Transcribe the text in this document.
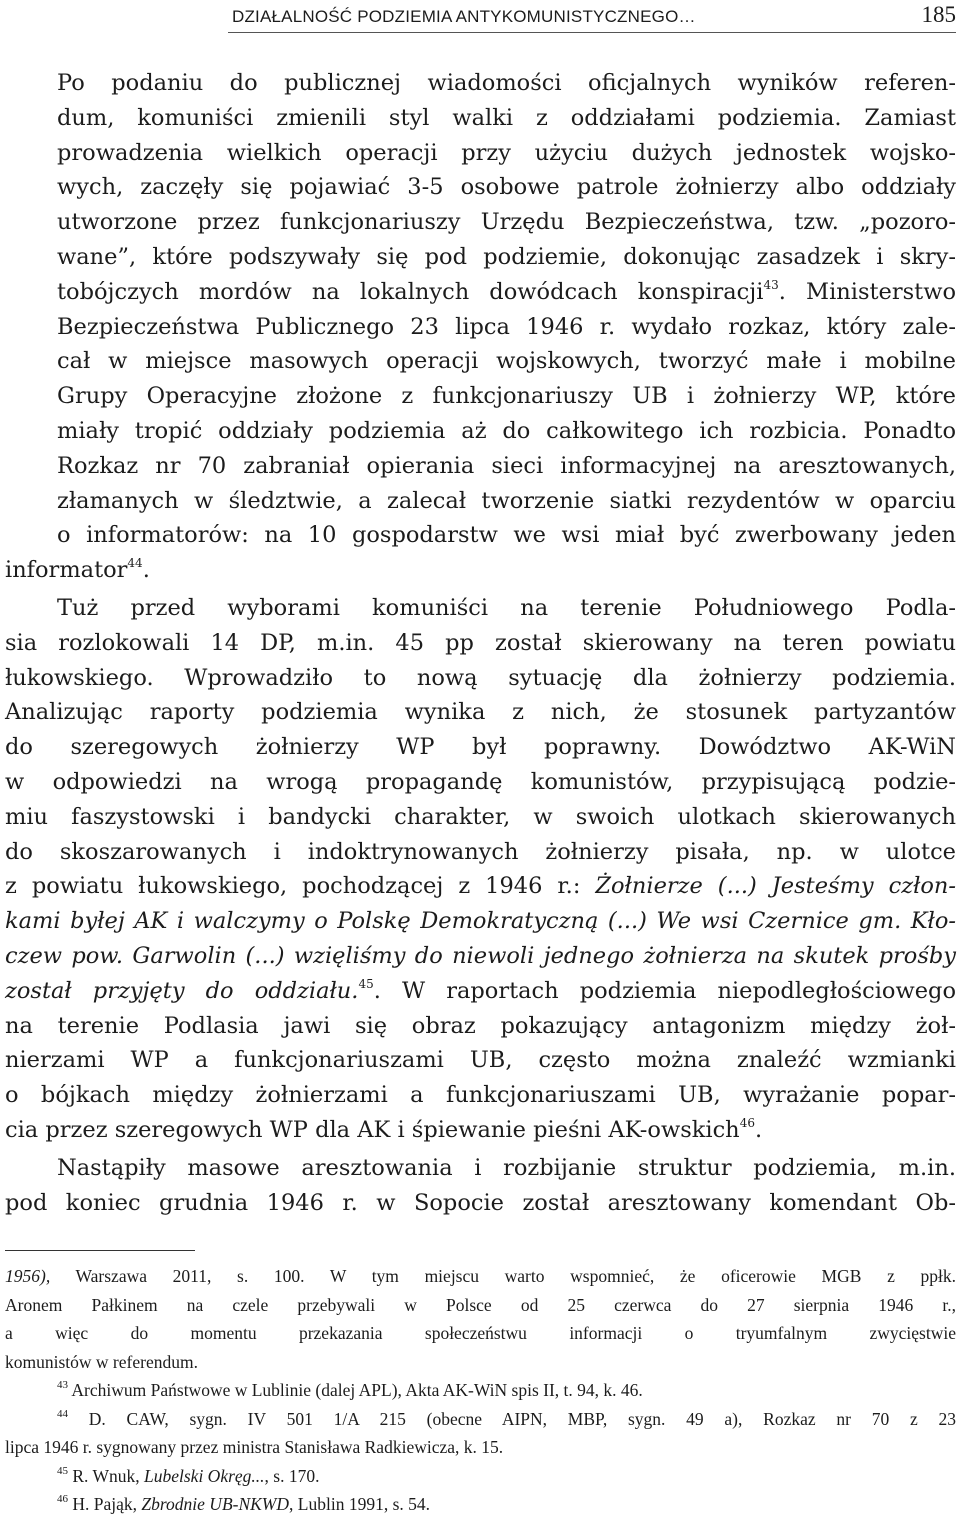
DZIAŁALNOŚĆ PODZIEMIA ANTYKOMUNISTYCZNEGO…	185

Po podaniu do publicznej wiadomości oficjalnych wyników referen-
dum, komuniści zmienili styl walki z oddziałami podziemia. Zamiast
prowadzenia wielkich operacji przy użyciu dużych jednostek wojsko-
wych, zaczęły się pojawiać 3-5 osobowe patrole żołnierzy albo oddziały
utworzone przez funkcjonariuszy Urzędu Bezpieczeństwa, tzw. „pozoro-
wane”, które podszywały się pod podziemie, dokonując zasadzek i skry-
tobójczych mordów na lokalnych dowódcach konspiracji$^{43}$. Ministerstwo
Bezpieczeństwa Publicznego 23 lipca 1946 r. wydało rozkaz, który zale-
cał w miejsce masowych operacji wojskowych, tworzyć małe i mobilne
Grupy Operacyjne złożone z funkcjonariuszy UB i żołnierzy WP, które
miały tropić oddziały podziemia aż do całkowitego ich rozbicia. Ponadto
Rozkaz nr 70 zabraniał opierania sieci informacyjnej na aresztowanych,
złamanych w śledztwie, a zalecał tworzenie siatki rezydentów w oparciu
o informatorów: na 10 gospodarstw we wsi miał być zwerbowany jeden
informator$^{44}$.

Tuż przed wyborami komuniści na terenie Południowego Podla-
sia rozlokowali 14 DP, m.in. 45 pp został skierowany na teren powiatu
łukowskiego. Wprowadziło to nową sytuację dla żołnierzy podziemia.
Analizując raporty podziemia wynika z nich, że stosunek partyzantów
do szeregowych żołnierzy WP był poprawny. Dowództwo AK-WiN
w odpowiedzi na wrogą propagandę komunistów, przypisującą podzie-
miu faszystowski i bandycki charakter, w swoich ulotkach skierowanych
do skoszarowanych i indoktrynowanych żołnierzy pisała, np. w ulotce
z powiatu łukowskiego, pochodzącej z 1946 r.: Żołnierze (...) Jesteśmy człon-
kami byłej AK i walczymy o Polskę Demokratyczną (...) We wsi Czernice gm. Kło-
czew pow. Garwolin (...) wzięliśmy do niewoli jednego żołnierza na skutek prośby
został przyjęty do oddziału.$^{45}$. W raportach podziemia niepodległościowego
na terenie Podlasia jawi się obraz pokazujący antagonizm między żoł-
nierzami WP a funkcjonariuszami UB, często można znaleźć wzmianki
o bójkach między żołnierzami a funkcjonariuszami UB, wyrażanie popar-
cia przez szeregowych WP dla AK i śpiewanie pieśni AK-owskich$^{46}$.

Nastąpiły masowe aresztowania i rozbijanie struktur podziemia, m.in.
pod koniec grudnia 1946 r. w Sopocie został aresztowany komendant Ob-

1956), Warszawa 2011, s. 100. W tym miejscu warto wspomnieć, że oficerowie MGB z ppłk.
Aronem Pałkinem na czele przebywali w Polsce od 25 czerwca do 27 sierpnia 1946 r.,
a więc do momentu przekazania społeczeństwu informacji o tryumfalnym zwycięstwie
komunistów w referendum.

$^{43}$ Archiwum Państwowe w Lublinie (dalej APL), Akta AK-WiN spis II, t. 94, k. 46.

$^{44}$ D. CAW, sygn. IV 501 1/A 215 (obecne AIPN, MBP, sygn. 49 a), Rozkaz nr 70 z 23
lipca 1946 r. sygnowany przez ministra Stanisława Radkiewicza, k. 15.

$^{45}$ R. Wnuk, Lubelski Okręg..., s. 170.

$^{46}$ H. Pająk, Zbrodnie UB-NKWD, Lublin 1991, s. 54.
